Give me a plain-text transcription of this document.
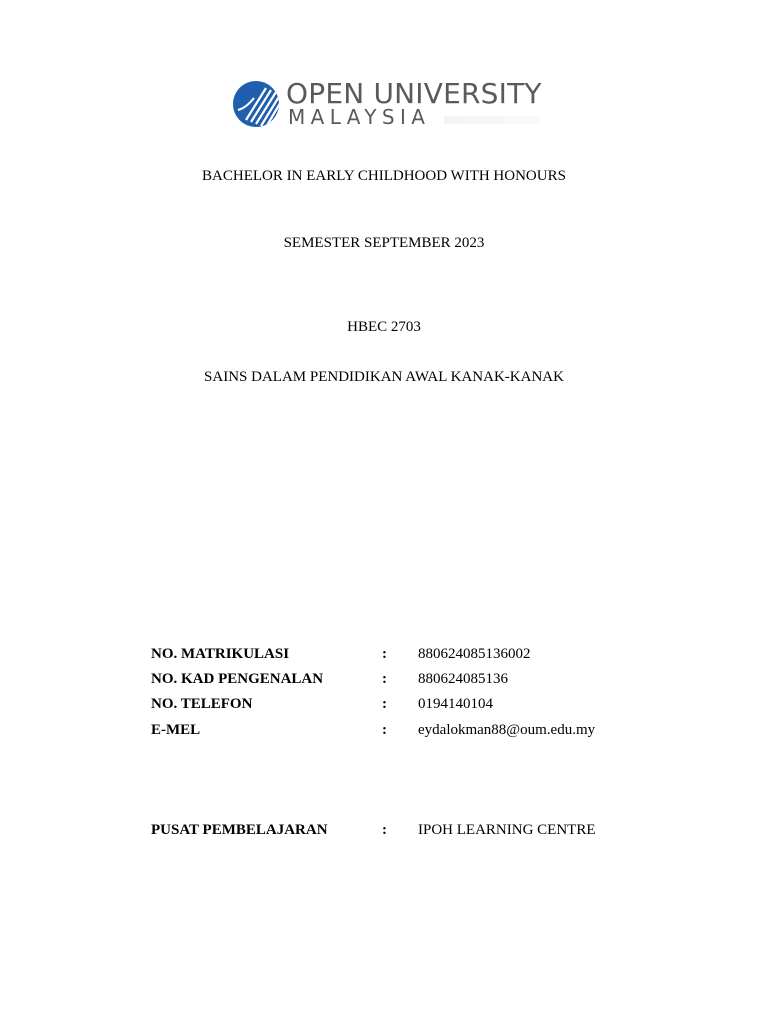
OPEN UNIVERSITY
MALAYSIA
BACHELOR IN EARLY CHILDHOOD WITH HONOURS
SEMESTER SEPTEMBER 2023
HBEC 2703
SAINS DALAM PENDIDIKAN AWAL KANAK-KANAK
NO. MATRIKULASI	: 880624085136002
NO. KAD PENGENALAN	: 880624085136
NO. TELEFON	: 0194140104
E-MEL	: eydalokman88@oum.edu.my
PUSAT PEMBELAJARAN	: IPOH LEARNING CENTRE
